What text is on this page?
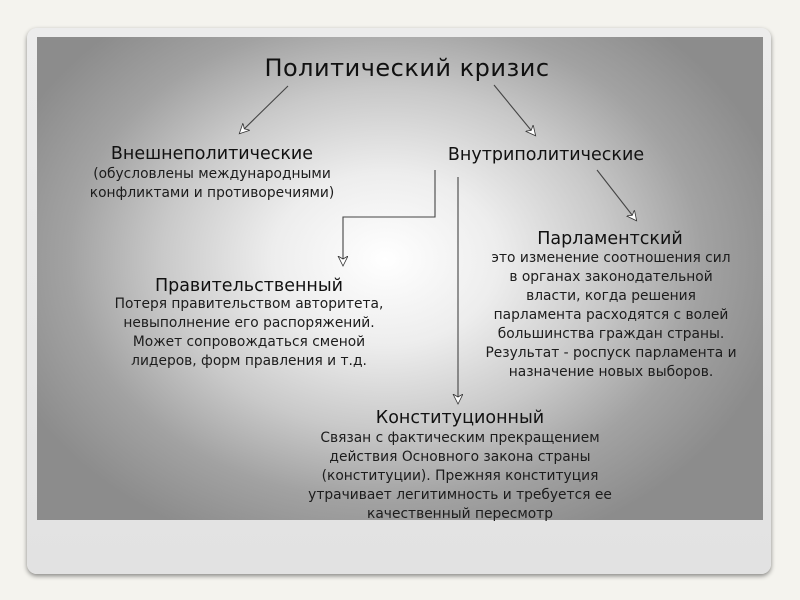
Политический кризис
Внешнеполитические
(обусловлены международными
конфликтами и противоречиями)
Внутриполитические
Парламентский
это изменение соотношения сил
в органах законодательной
власти, когда решения
парламента расходятся с волей
большинства граждан страны.
Результат - роспуск парламента и
назначение новых выборов.
Правительственный
Потеря правительством авторитета,
невыполнение его распоряжений.
Может сопровождаться сменой
лидеров, форм правления и т.д.
Конституционный
Связан с фактическим прекращением
действия Основного закона страны
(конституции). Прежняя конституция
утрачивает легитимность и требуется ее
качественный пересмотр
